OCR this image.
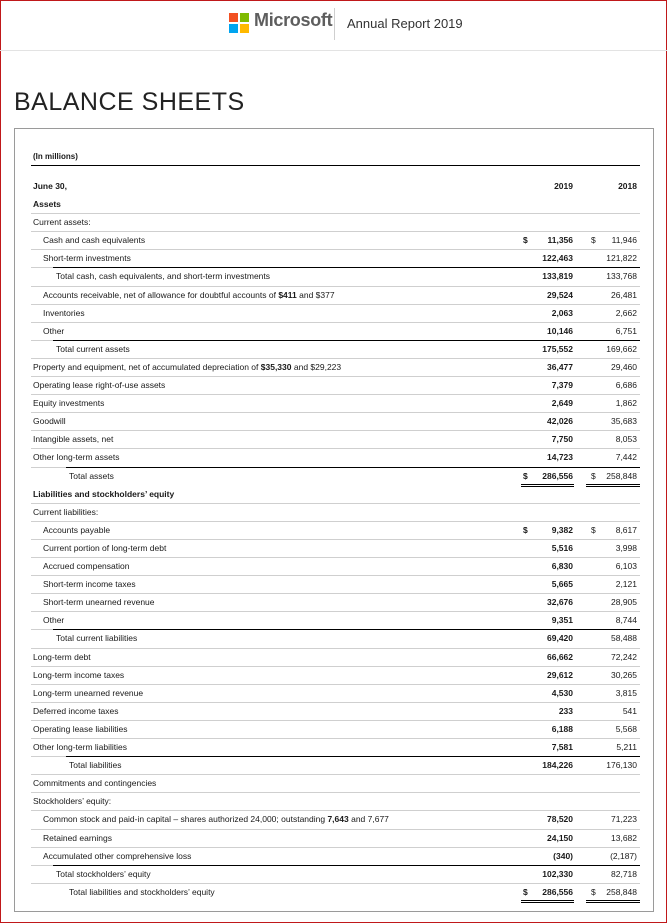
Microsoft Annual Report 2019
BALANCE SHEETS
(In millions)
June 30,	2019	2018
Assets
Current assets:
Cash and cash equivalents	11,356	11,946
$	$
Short-term investments	122,463	121,822
Total cash, cash equivalents, and short-term investments	133,819	133,768
Accounts receivable, net of allowance for doubtful accounts of $411 and $377	29,524	26,481
Inventories	2,063	2,662
Other	10,146	6,751
Total current assets	175,552	169,662
Property and equipment, net of accumulated depreciation of $35,330 and $29,223	36,477	29,460
Operating lease right-of-use assets	7,379	6,686
Equity investments	2,649	1,862
Goodwill	42,026	35,683
Intangible assets, net	7,750	8,053
Other long-term assets	14,723	7,442
Total assets	286,556	258,848
$	$
Liabilities and stockholders’ equity
Current liabilities:
Accounts payable	9,382	8,617
$	$
Current portion of long-term debt	5,516	3,998
Accrued compensation	6,830	6,103
Short-term income taxes	5,665	2,121
Short-term unearned revenue	32,676	28,905
Other	9,351	8,744
Total current liabilities	69,420	58,488
Long-term debt	66,662	72,242
Long-term income taxes	29,612	30,265
Long-term unearned revenue	4,530	3,815
Deferred income taxes	233	541
Operating lease liabilities	6,188	5,568
Other long-term liabilities	7,581	5,211
Total liabilities	184,226	176,130
Commitments and contingencies
Stockholders’ equity:
Common stock and paid-in capital – shares authorized 24,000; outstanding 7,643 and 7,677	78,520	71,223
Retained earnings	24,150	13,682
Accumulated other comprehensive loss	(340)	(2,187)
Total stockholders’ equity	102,330	82,718
Total liabilities and stockholders’ equity	286,556	258,848
$	$
